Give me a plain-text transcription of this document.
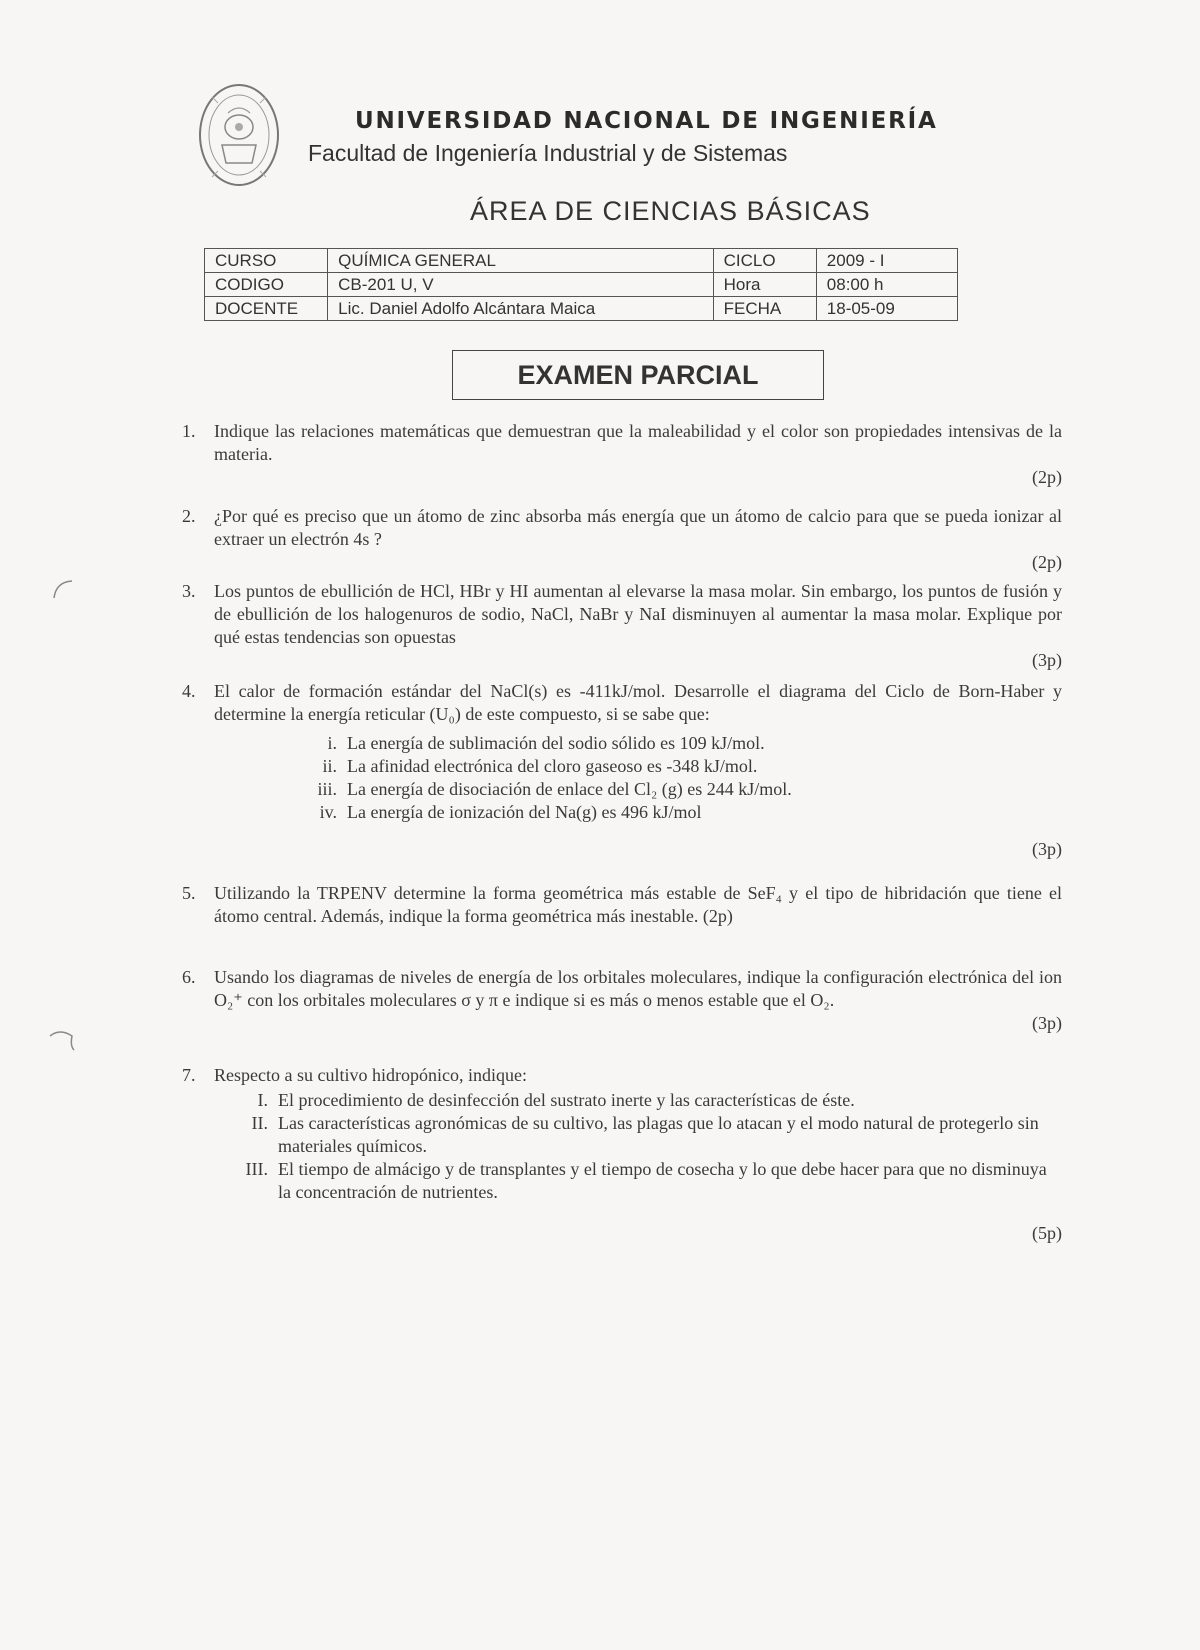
UNIVERSIDAD NACIONAL DE INGENIERÍA
Facultad de Ingeniería Industrial y de Sistemas
ÁREA DE CIENCIAS BÁSICAS
CURSO	QUÍMICA GENERAL	CICLO	2009 - I
CODIGO	CB-201 U, V	Hora	08:00 h
DOCENTE	Lic. Daniel Adolfo Alcántara Maica	FECHA	18-05-09
EXAMEN PARCIAL
1. Indique las relaciones matemáticas que demuestran que la maleabilidad y el color son propiedades intensivas de la materia.
(2p)
2. ¿Por qué es preciso que un átomo de zinc absorba más energía que un átomo de calcio para que se pueda ionizar al extraer un electrón 4s ?
(2p)
3. Los puntos de ebullición de HCl, HBr y HI aumentan al elevarse la masa molar. Sin embargo, los puntos de fusión y de ebullición de los halogenuros de sodio, NaCl, NaBr y NaI disminuyen al aumentar la masa molar. Explique por qué estas tendencias son opuestas
(3p)
4. El calor de formación estándar del NaCl(s) es -411kJ/mol. Desarrolle el diagrama del Ciclo de Born-Haber y determine la energía reticular (U₀) de este compuesto, si se sabe que:
i. La energía de sublimación del sodio sólido es 109 kJ/mol.
ii. La afinidad electrónica del cloro gaseoso es -348 kJ/mol.
iii. La energía de disociación de enlace del Cl₂ (g) es 244 kJ/mol.
iv. La energía de ionización del Na(g) es 496 kJ/mol
(3p)
5. Utilizando la TRPENV determine la forma geométrica más estable de SeF₄ y el tipo de hibridación que tiene el átomo central. Además, indique la forma geométrica más inestable. (2p)
6. Usando los diagramas de niveles de energía de los orbitales moleculares, indique la configuración electrónica del ion O₂⁺ con los orbitales moleculares σ y π e indique si es más o menos estable que el O₂.
(3p)
7. Respecto a su cultivo hidropónico, indique:
I. El procedimiento de desinfección del sustrato inerte y las características de éste.
II. Las características agronómicas de su cultivo, las plagas que lo atacan y el modo natural de protegerlo sin materiales químicos.
III. El tiempo de almácigo y de transplantes y el tiempo de cosecha y lo que debe hacer para que no disminuya la concentración de nutrientes.
(5p)
